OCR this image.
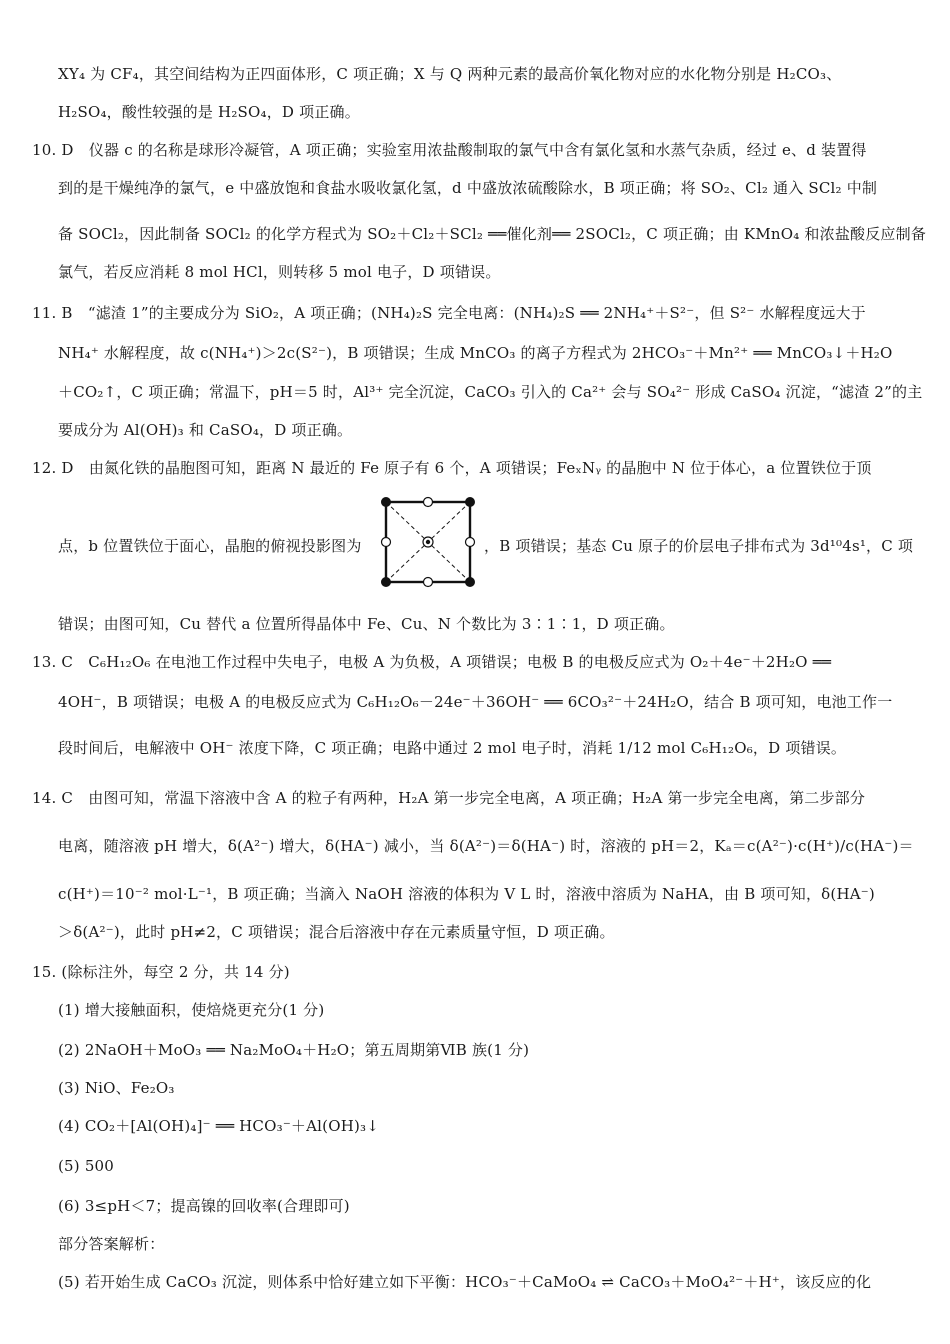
XY₄ 为 CF₄，其空间结构为正四面体形，C 项正确；X 与 Q 两种元素的最高价氧化物对应的水化物分别是 H₂CO₃、
H₂SO₄，酸性较强的是 H₂SO₄，D 项正确。
10. D　仪器 c 的名称是球形冷凝管，A 项正确；实验室用浓盐酸制取的氯气中含有氯化氢和水蒸气杂质，经过 e、d 装置得
到的是干燥纯净的氯气，e 中盛放饱和食盐水吸收氯化氢，d 中盛放浓硫酸除水，B 项正确；将 SO₂、Cl₂ 通入 SCl₂ 中制
备 SOCl₂，因此制备 SOCl₂ 的化学方程式为 SO₂＋Cl₂＋SCl₂ ══催化剂══ 2SOCl₂，C 项正确；由 KMnO₄ 和浓盐酸反应制备
氯气，若反应消耗 8 mol HCl，则转移 5 mol 电子，D 项错误。
11. B　“滤渣 1”的主要成分为 SiO₂，A 项正确；(NH₄)₂S 完全电离：(NH₄)₂S ══ 2NH₄⁺＋S²⁻，但 S²⁻ 水解程度远大于
NH₄⁺ 水解程度，故 c(NH₄⁺)＞2c(S²⁻)，B 项错误；生成 MnCO₃ 的离子方程式为 2HCO₃⁻＋Mn²⁺ ══ MnCO₃↓＋H₂O
＋CO₂↑，C 项正确；常温下，pH＝5 时，Al³⁺ 完全沉淀，CaCO₃ 引入的 Ca²⁺ 会与 SO₄²⁻ 形成 CaSO₄ 沉淀，“滤渣 2”的主
要成分为 Al(OH)₃ 和 CaSO₄，D 项正确。
12. D　由氮化铁的晶胞图可知，距离 N 最近的 Fe 原子有 6 个，A 项错误；FeₓNᵧ 的晶胞中 N 位于体心，a 位置铁位于顶
点，b 位置铁位于面心，晶胞的俯视投影图为	，B 项错误；基态 Cu 原子的价层电子排布式为 3d¹⁰4s¹，C 项
错误；由图可知，Cu 替代 a 位置所得晶体中 Fe、Cu、N 个数比为 3∶1∶1，D 项正确。
13. C　C₆H₁₂O₆ 在电池工作过程中失电子，电极 A 为负极，A 项错误；电极 B 的电极反应式为 O₂＋4e⁻＋2H₂O ══
4OH⁻，B 项错误；电极 A 的电极反应式为 C₆H₁₂O₆－24e⁻＋36OH⁻ ══ 6CO₃²⁻＋24H₂O，结合 B 项可知，电池工作一
段时间后，电解液中 OH⁻ 浓度下降，C 项正确；电路中通过 2 mol 电子时，消耗 1/12 mol C₆H₁₂O₆，D 项错误。
14. C　由图可知，常温下溶液中含 A 的粒子有两种，H₂A 第一步完全电离，A 项正确；H₂A 第一步完全电离，第二步部分
电离，随溶液 pH 增大，δ(A²⁻) 增大，δ(HA⁻) 减小，当 δ(A²⁻)＝δ(HA⁻) 时，溶液的 pH＝2，Kₐ＝c(A²⁻)·c(H⁺)/c(HA⁻)＝
c(H⁺)＝10⁻² mol·L⁻¹，B 项正确；当滴入 NaOH 溶液的体积为 V L 时，溶液中溶质为 NaHA，由 B 项可知，δ(HA⁻)
＞δ(A²⁻)，此时 pH≠2，C 项错误；混合后溶液中存在元素质量守恒，D 项正确。
15. (除标注外，每空 2 分，共 14 分)
(1) 增大接触面积，使焙烧更充分(1 分)
(2) 2NaOH＋MoO₃ ══ Na₂MoO₄＋H₂O；第五周期第ⅥB 族(1 分)
(3) NiO、Fe₂O₃
(4) CO₂＋[Al(OH)₄]⁻ ══ HCO₃⁻＋Al(OH)₃↓
(5) 500
(6) 3≤pH＜7；提高镍的回收率(合理即可)
部分答案解析：
(5) 若开始生成 CaCO₃ 沉淀，则体系中恰好建立如下平衡：HCO₃⁻＋CaMoO₄ ⇌ CaCO₃＋MoO₄²⁻＋H⁺，该反应的化
